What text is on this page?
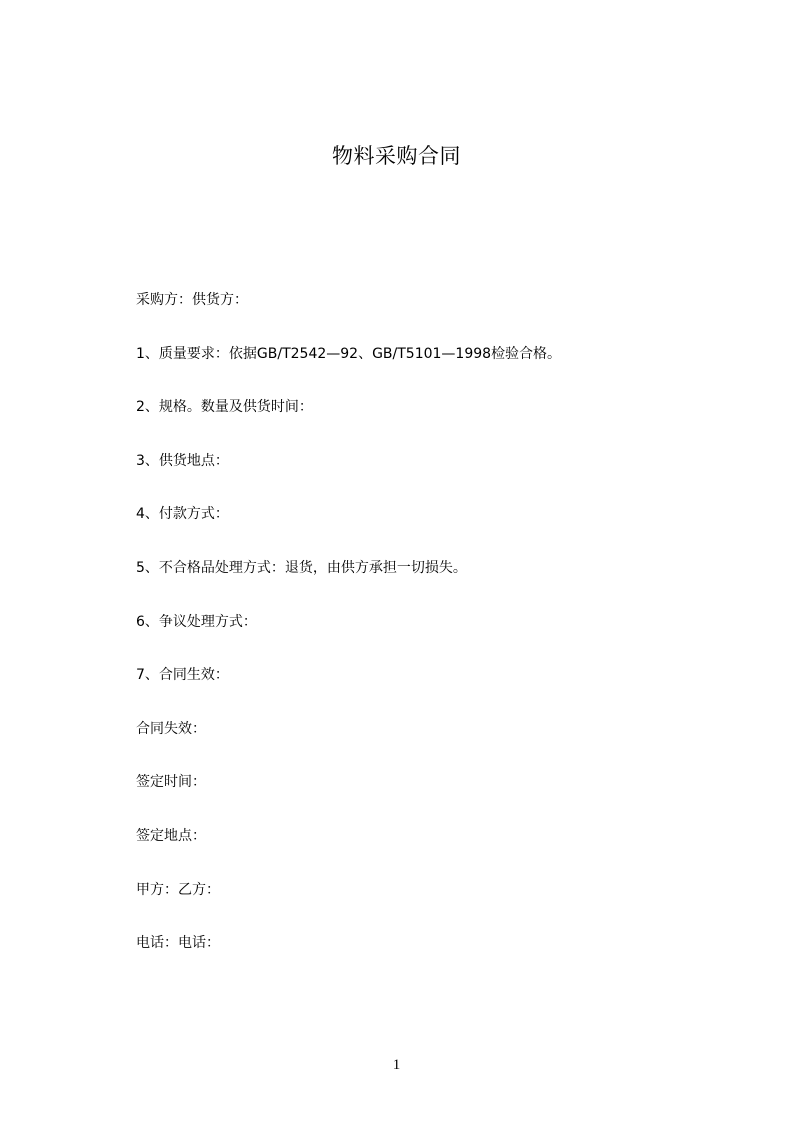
物料采购合同
采购方：供货方：
1、质量要求：依据GB/T2542—92、GB/T5101—1998检验合格。
2、规格。数量及供货时间：
3、供货地点：
4、付款方式：
5、不合格品处理方式：退货，由供方承担一切损失。
6、争议处理方式：
7、合同生效：
合同失效：
签定时间：
签定地点：
甲方：乙方：
电话：电话：
1
